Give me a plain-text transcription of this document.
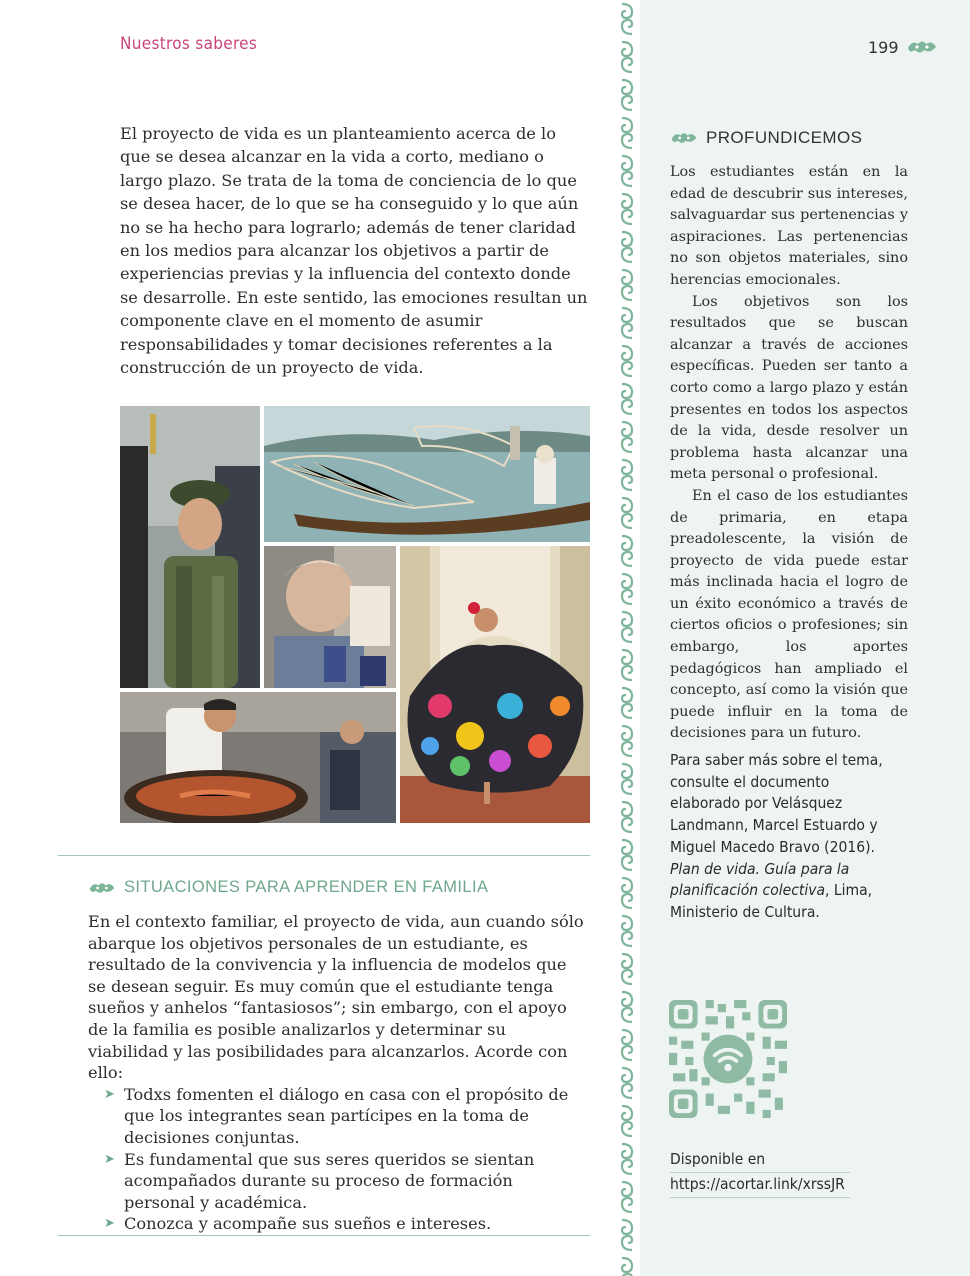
Nuestros saberes	199

El proyecto de vida es un planteamiento acerca de lo que se desea alcanzar en la vida a corto, mediano o largo plazo. Se trata de la toma de conciencia de lo que se desea hacer, de lo que se ha conseguido y lo que aún no se ha hecho para lograrlo; además de tener claridad en los medios para alcanzar los objetivos a partir de experiencias previas y la influencia del contexto donde se desarrolle. En este sentido, las emociones resultan un componente clave en el momento de asumir responsabilidades y tomar decisiones referentes a la construcción de un proyecto de vida.

SITUACIONES PARA APRENDER EN FAMILIA

En el contexto familiar, el proyecto de vida, aun cuando sólo abarque los objetivos personales de un estudiante, es resultado de la convivencia y la influencia de modelos que se desean seguir. Es muy común que el estudiante tenga sueños y anhelos “fantasiosos”; sin embargo, con el apoyo de la familia es posible analizarlos y determinar su viabilidad y las posibilidades para alcanzarlos. Acorde con ello:

➤ Todxs fomenten el diálogo en casa con el propósito de que los integrantes sean partícipes en la toma de decisiones conjuntas.
➤ Es fundamental que sus seres queridos se sientan acompañados durante su proceso de formación personal y académica.
➤ Conozca y acompañe sus sueños e intereses.
PROFUNDICEMOS

Los estudiantes están en la edad de descubrir sus intereses, salvaguardar sus pertenencias y aspiraciones. Las pertenencias no son objetos materiales, sino herencias emocionales.

Los objetivos son los resultados que se buscan alcanzar a través de acciones específicas. Pueden ser tanto a corto como a largo plazo y están presentes en todos los aspectos de la vida, desde resolver un problema hasta alcanzar una meta personal o profesional.

En el caso de los estudiantes de primaria, en etapa preadolescente, la visión de proyecto de vida puede estar más inclinada hacia el logro de un éxito económico a través de ciertos oficios o profesiones; sin embargo, los aportes pedagógicos han ampliado el concepto, así como la visión que puede influir en la toma de decisiones para un futuro.

Para saber más sobre el tema, consulte el documento elaborado por Velásquez Landmann, Marcel Estuardo y Miguel Macedo Bravo (2016). Plan de vida. Guía para la planificación colectiva, Lima, Ministerio de Cultura.
Disponible en
https://acortar.link/xrssJR
